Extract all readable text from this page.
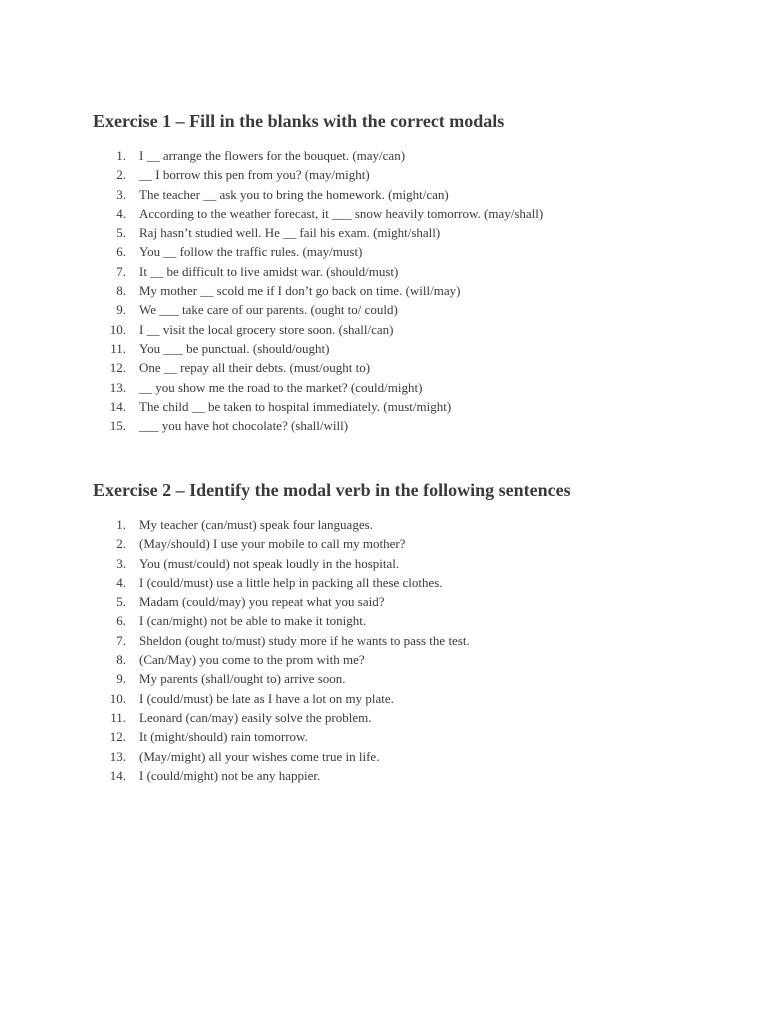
Exercise 1 – Fill in the blanks with the correct modals
1.	I __ arrange the flowers for the bouquet. (may/can)
2.	__ I borrow this pen from you? (may/might)
3.	The teacher __ ask you to bring the homework. (might/can)
4.	According to the weather forecast, it ___ snow heavily tomorrow. (may/shall)
5.	Raj hasn’t studied well. He __ fail his exam. (might/shall)
6.	You __ follow the traffic rules. (may/must)
7.	It __ be difficult to live amidst war. (should/must)
8.	My mother __ scold me if I don’t go back on time. (will/may)
9.	We ___ take care of our parents. (ought to/ could)
10.	I __ visit the local grocery store soon. (shall/can)
11.	You ___ be punctual. (should/ought)
12.	One __ repay all their debts. (must/ought to)
13.	__ you show me the road to the market? (could/might)
14.	The child __ be taken to hospital immediately. (must/might)
15.	___ you have hot chocolate? (shall/will)
Exercise 2 – Identify the modal verb in the following sentences
1.	My teacher (can/must) speak four languages.
2.	(May/should) I use your mobile to call my mother?
3.	You (must/could) not speak loudly in the hospital.
4.	I (could/must) use a little help in packing all these clothes.
5.	Madam (could/may) you repeat what you said?
6.	I (can/might) not be able to make it tonight.
7.	Sheldon (ought to/must) study more if he wants to pass the test.
8.	(Can/May) you come to the prom with me?
9.	My parents (shall/ought to) arrive soon.
10.	I (could/must) be late as I have a lot on my plate.
11.	Leonard (can/may) easily solve the problem.
12.	It (might/should) rain tomorrow.
13.	(May/might) all your wishes come true in life.
14.	I (could/might) not be any happier.
